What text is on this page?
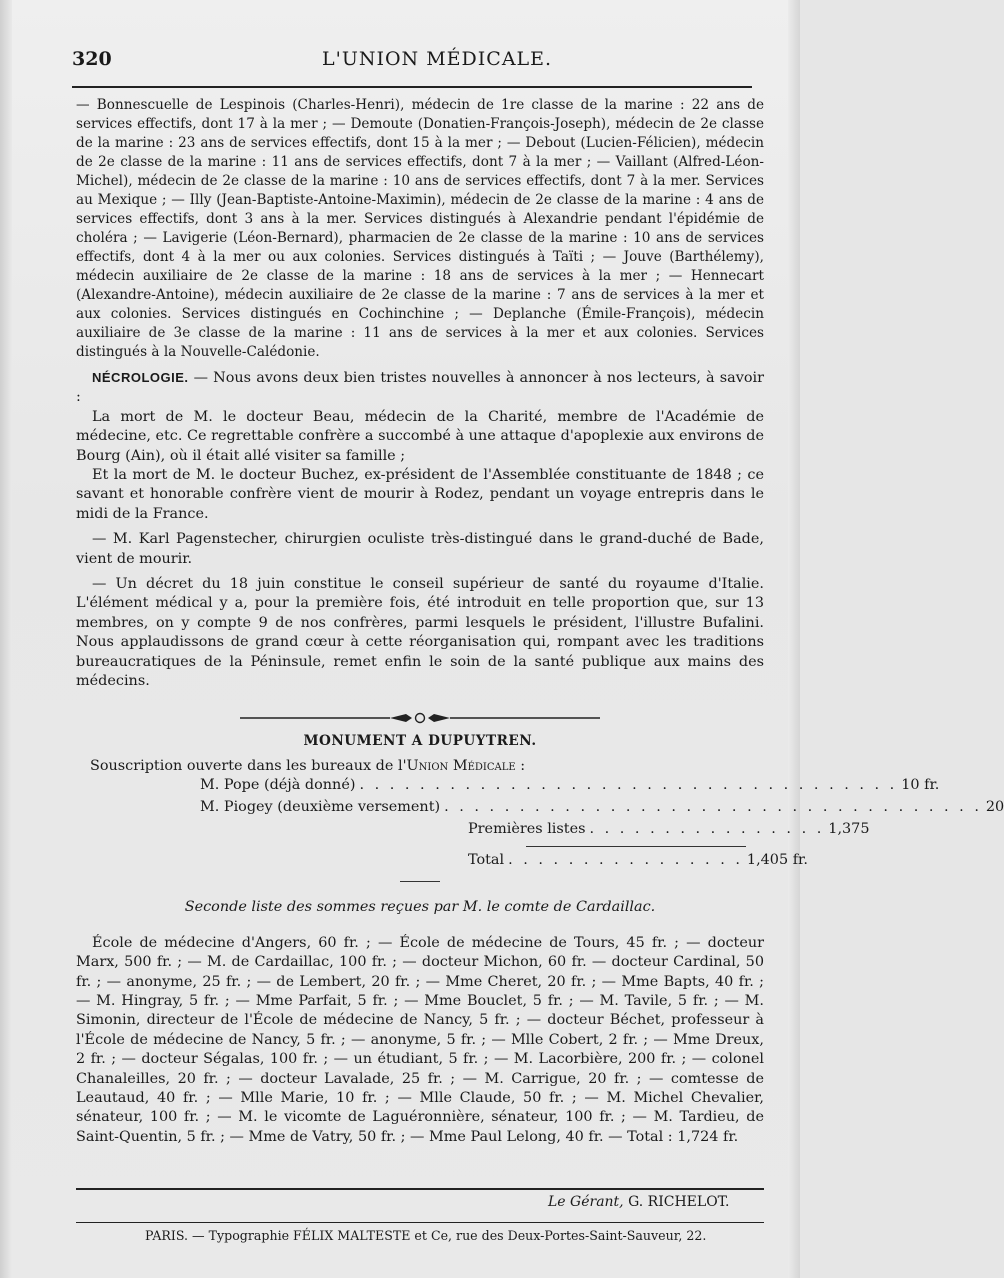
320	L'UNION MÉDICALE.

— Bonnescuelle de Lespinois (Charles-Henri), médecin de 1re classe de la marine : 22 ans de services effectifs, dont 17 à la mer ; — Demoute (Donatien-François-Joseph), médecin de 2e classe de la marine : 23 ans de services effectifs, dont 15 à la mer ; — Debout (Lucien-Félicien), médecin de 2e classe de la marine : 11 ans de services effectifs, dont 7 à la mer ; — Vaillant (Alfred-Léon-Michel), médecin de 2e classe de la marine : 10 ans de services effectifs, dont 7 à la mer. Services au Mexique ; — Illy (Jean-Baptiste-Antoine-Maximin), médecin de 2e classe de la marine : 4 ans de services effectifs, dont 3 ans à la mer. Services distingués à Alexandrie pendant l'épidémie de choléra ; — Lavigerie (Léon-Bernard), pharmacien de 2e classe de la marine : 10 ans de services effectifs, dont 4 à la mer ou aux colonies. Services distingués à Taïti ; — Jouve (Barthélemy), médecin auxiliaire de 2e classe de la marine : 18 ans de services à la mer ; — Hennecart (Alexandre-Antoine), médecin auxiliaire de 2e classe de la marine : 7 ans de services à la mer et aux colonies. Services distingués en Cochinchine ; — Deplanche (Émile-François), médecin auxiliaire de 3e classe de la marine : 11 ans de services à la mer et aux colonies. Services distingués à la Nouvelle-Calédonie.

NÉCROLOGIE. — Nous avons deux bien tristes nouvelles à annoncer à nos lecteurs, à savoir :

La mort de M. le docteur Beau, médecin de la Charité, membre de l'Académie de médecine, etc. Ce regrettable confrère a succombé à une attaque d'apoplexie aux environs de Bourg (Ain), où il était allé visiter sa famille ;

Et la mort de M. le docteur Buchez, ex-président de l'Assemblée constituante de 1848 ; ce savant et honorable confrère vient de mourir à Rodez, pendant un voyage entrepris dans le midi de la France.

— M. Karl Pagenstecher, chirurgien oculiste très-distingué dans le grand-duché de Bade, vient de mourir.

— Un décret du 18 juin constitue le conseil supérieur de santé du royaume d'Italie. L'élément médical y a, pour la première fois, été introduit en telle proportion que, sur 13 membres, on y compte 9 de nos confrères, parmi lesquels le président, l'illustre Bufalini. Nous applaudissons de grand cœur à cette réorganisation qui, rompant avec les traditions bureaucratiques de la Péninsule, remet enfin le soin de la santé publique aux mains des médecins.

MONUMENT A DUPUYTREN.

Souscription ouverte dans les bureaux de l'Union Médicale :

M. Pope (déjà donné) . . . . . . . . . . . . . . . . . . . . . . . . . . . . . . . . . . . . 10 fr.
M. Piogey (deuxième versement) . . . . . . . . . . . . . . . . . . . . . . . . . . . . . . . . . . . . 20
Premières listes . . . . . . . . . . . . . . . . 1,375
Total . . . . . . . . . . . . . . . . 1,405 fr.
Seconde liste des sommes reçues par M. le comte de Cardaillac.

École de médecine d'Angers, 60 fr. ; — École de médecine de Tours, 45 fr. ; — docteur Marx, 500 fr. ; — M. de Cardaillac, 100 fr. ; — docteur Michon, 60 fr. — docteur Cardinal, 50 fr. ; — anonyme, 25 fr. ; — de Lembert, 20 fr. ; — Mme Cheret, 20 fr. ; — Mme Bapts, 40 fr. ; — M. Hingray, 5 fr. ; — Mme Parfait, 5 fr. ; — Mme Bouclet, 5 fr. ; — M. Tavile, 5 fr. ; — M. Simonin, directeur de l'École de médecine de Nancy, 5 fr. ; — docteur Béchet, professeur à l'École de médecine de Nancy, 5 fr. ; — anonyme, 5 fr. ; — Mlle Cobert, 2 fr. ; — Mme Dreux, 2 fr. ; — docteur Ségalas, 100 fr. ; — un étudiant, 5 fr. ; — M. Lacorbière, 200 fr. ; — colonel Chanaleilles, 20 fr. ; — docteur Lavalade, 25 fr. ; — M. Carrigue, 20 fr. ; — comtesse de Leautaud, 40 fr. ; — Mlle Marie, 10 fr. ; — Mlle Claude, 50 fr. ; — M. Michel Chevalier, sénateur, 100 fr. ; — M. le vicomte de Laguéronnière, sénateur, 100 fr. ; — M. Tardieu, de Saint-Quentin, 5 fr. ; — Mme de Vatry, 50 fr. ; — Mme Paul Lelong, 40 fr. — Total : 1,724 fr.

Le Gérant, G. RICHELOT.
PARIS. — Typographie FÉLIX MALTESTE et Ce, rue des Deux-Portes-Saint-Sauveur, 22.
